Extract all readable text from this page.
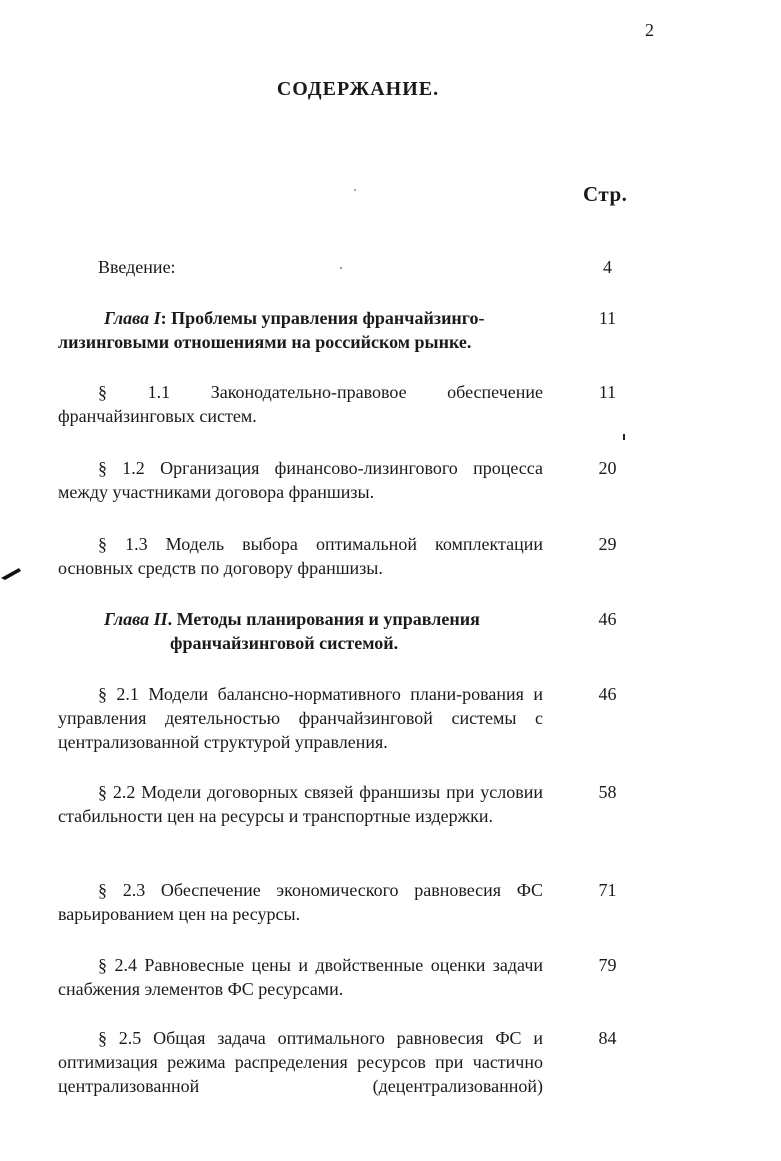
2
СОДЕРЖАНИЕ.
Стр.
Введение:	4
Глава I: Проблемы управления франчайзинго-лизинговыми отношениями на российском рынке.
11
§ 1.1 Законодательно-правовое обеспечение франчайзинговых систем.
11
§ 1.2 Организация финансово-лизингового процесса между участниками договора франшизы.
20
§ 1.3 Модель выбора оптимальной комплектации основных средств по договору франшизы.
29
Глава II. Методы планирования и управления
франчайзинговой системой.
46
§ 2.1 Модели балансно-нормативного плани-рования и управления деятельностью франчайзинговой системы с централизованной структурой управления.
46
§ 2.2 Модели договорных связей франшизы при условии стабильности цен на ресурсы и транспортные издержки.
58
§ 2.3 Обеспечение экономического равновесия ФС варьированием цен на ресурсы.
71
§ 2.4 Равновесные цены и двойственные оценки задачи снабжения элементов ФС ресурсами.
79
§ 2.5 Общая задача оптимального равновесия ФС и оптимизация режима распределения ресурсов при частично централизованной (децентрализованной)
84
